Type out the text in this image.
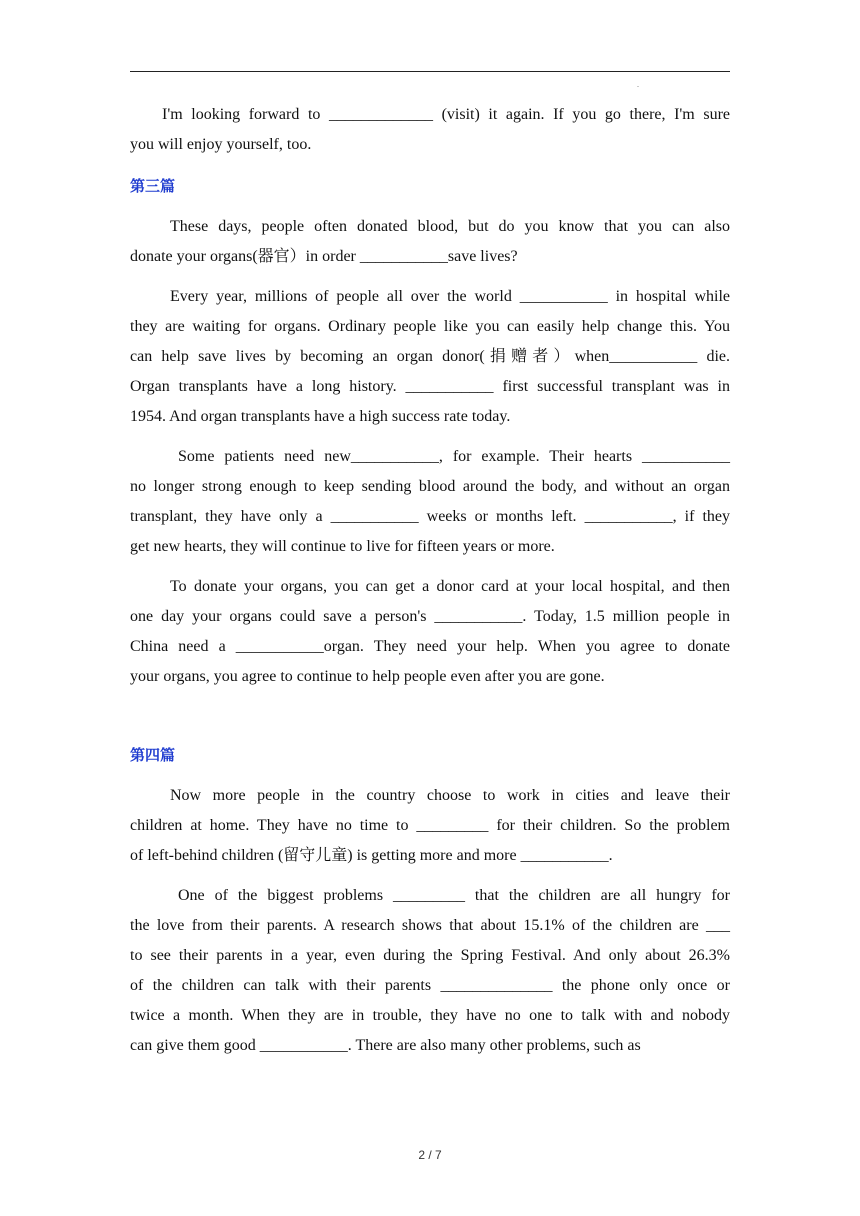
.
I'm looking forward to _____________ (visit) it again. If you go there, I'm sure
you will enjoy yourself, too.
第三篇
These days, people often donated blood, but do you know that you can also
donate your organs(器官）in order ___________save lives?
Every year, millions of people all over the world ___________ in hospital while
they are waiting for organs. Ordinary people like you can easily help change this. You
can help save lives by becoming an organ donor(捐赠者）when___________ die.
Organ transplants have a long history. ___________ first successful transplant was in
1954. And organ transplants have a high success rate today.
Some patients need new___________, for example. Their hearts ___________
no longer strong enough to keep sending blood around the body, and without an organ
transplant, they have only a ___________ weeks or months left. ___________, if they
get new hearts, they will continue to live for fifteen years or more.
To donate your organs, you can get a donor card at your local hospital, and then
one day your organs could save a person's ___________. Today, 1.5 million people in
China need a ___________organ. They need your help. When you agree to donate
your organs, you agree to continue to help people even after you are gone.
第四篇
Now more people in the country choose to work in cities and leave their
children at home. They have no time to _________ for their children. So the problem
of left-behind children (留守儿童) is getting more and more ___________.
One of the biggest problems _________ that the children are all hungry for
the love from their parents. A research shows that about 15.1% of the children are ___
to see their parents in a year, even during the Spring Festival. And only about 26.3%
of the children can talk with their parents ______________ the phone only once or
twice a month. When they are in trouble, they have no one to talk with and nobody
can give them good ___________. There are also many other problems, such as
2 / 7
